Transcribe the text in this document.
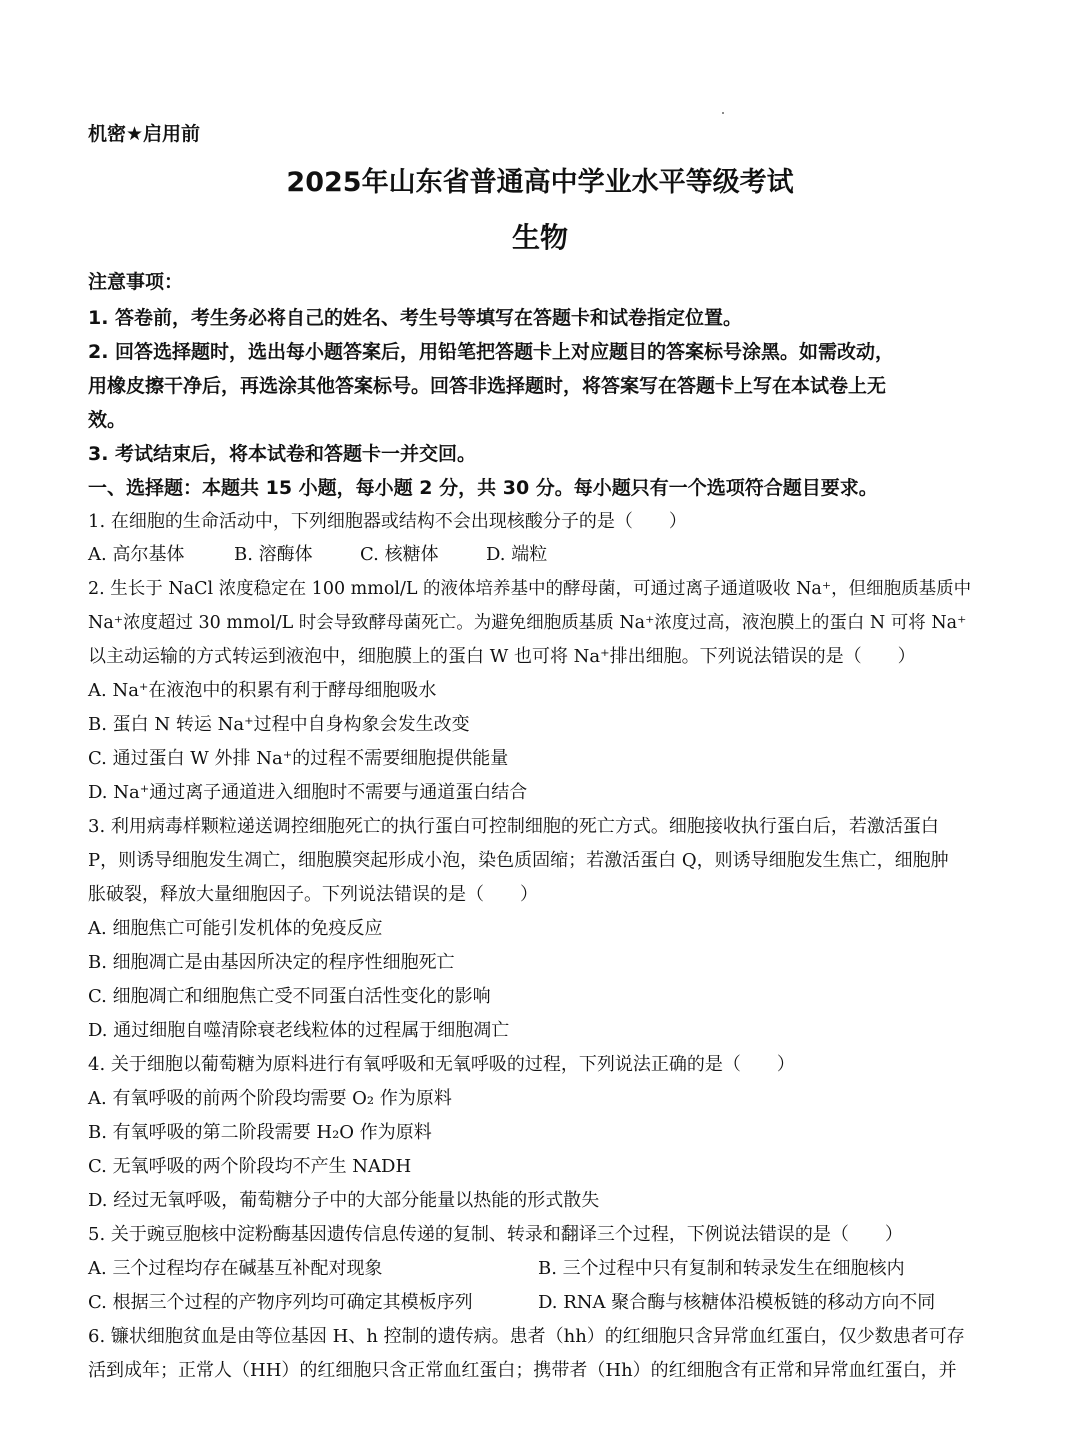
机密★启用前
2025年山东省普通高中学业水平等级考试
生物
注意事项：
1. 答卷前，考生务必将自己的姓名、考生号等填写在答题卡和试卷指定位置。
2. 回答选择题时，选出每小题答案后，用铅笔把答题卡上对应题目的答案标号涂黑。如需改动，
用橡皮擦干净后，再选涂其他答案标号。回答非选择题时，将答案写在答题卡上写在本试卷上无
效。
3. 考试结束后，将本试卷和答题卡一并交回。
一、选择题：本题共 15 小题，每小题 2 分，共 30 分。每小题只有一个选项符合题目要求。
1. 在细胞的生命活动中，下列细胞器或结构不会出现核酸分子的是（　　）
A. 高尔基体	B. 溶酶体	C. 核糖体	D. 端粒
2. 生长于 NaCl 浓度稳定在 100 mmol/L 的液体培养基中的酵母菌，可通过离子通道吸收 Na⁺，但细胞质基质中
Na⁺浓度超过 30 mmol/L 时会导致酵母菌死亡。为避免细胞质基质 Na⁺浓度过高，液泡膜上的蛋白 N 可将 Na⁺
以主动运输的方式转运到液泡中，细胞膜上的蛋白 W 也可将 Na⁺排出细胞。下列说法错误的是（　　）
A. Na⁺在液泡中的积累有利于酵母细胞吸水
B. 蛋白 N 转运 Na⁺过程中自身构象会发生改变
C. 通过蛋白 W 外排 Na⁺的过程不需要细胞提供能量
D. Na⁺通过离子通道进入细胞时不需要与通道蛋白结合
3. 利用病毒样颗粒递送调控细胞死亡的执行蛋白可控制细胞的死亡方式。细胞接收执行蛋白后，若激活蛋白
P，则诱导细胞发生凋亡，细胞膜突起形成小泡，染色质固缩；若激活蛋白 Q，则诱导细胞发生焦亡，细胞肿
胀破裂，释放大量细胞因子。下列说法错误的是（　　）
A. 细胞焦亡可能引发机体的免疫反应
B. 细胞凋亡是由基因所决定的程序性细胞死亡
C. 细胞凋亡和细胞焦亡受不同蛋白活性变化的影响
D. 通过细胞自噬清除衰老线粒体的过程属于细胞凋亡
4. 关于细胞以葡萄糖为原料进行有氧呼吸和无氧呼吸的过程，下列说法正确的是（　　）
A. 有氧呼吸的前两个阶段均需要 O₂ 作为原料
B. 有氧呼吸的第二阶段需要 H₂O 作为原料
C. 无氧呼吸的两个阶段均不产生 NADH
D. 经过无氧呼吸，葡萄糖分子中的大部分能量以热能的形式散失
5. 关于豌豆胞核中淀粉酶基因遗传信息传递的复制、转录和翻译三个过程，下例说法错误的是（　　）
A. 三个过程均存在碱基互补配对现象	B. 三个过程中只有复制和转录发生在细胞核内
C. 根据三个过程的产物序列均可确定其模板序列	D. RNA 聚合酶与核糖体沿模板链的移动方向不同
6. 镰状细胞贫血是由等位基因 H、h 控制的遗传病。患者（hh）的红细胞只含异常血红蛋白，仅少数患者可存
活到成年；正常人（HH）的红细胞只含正常血红蛋白；携带者（Hh）的红细胞含有正常和异常血红蛋白，并
